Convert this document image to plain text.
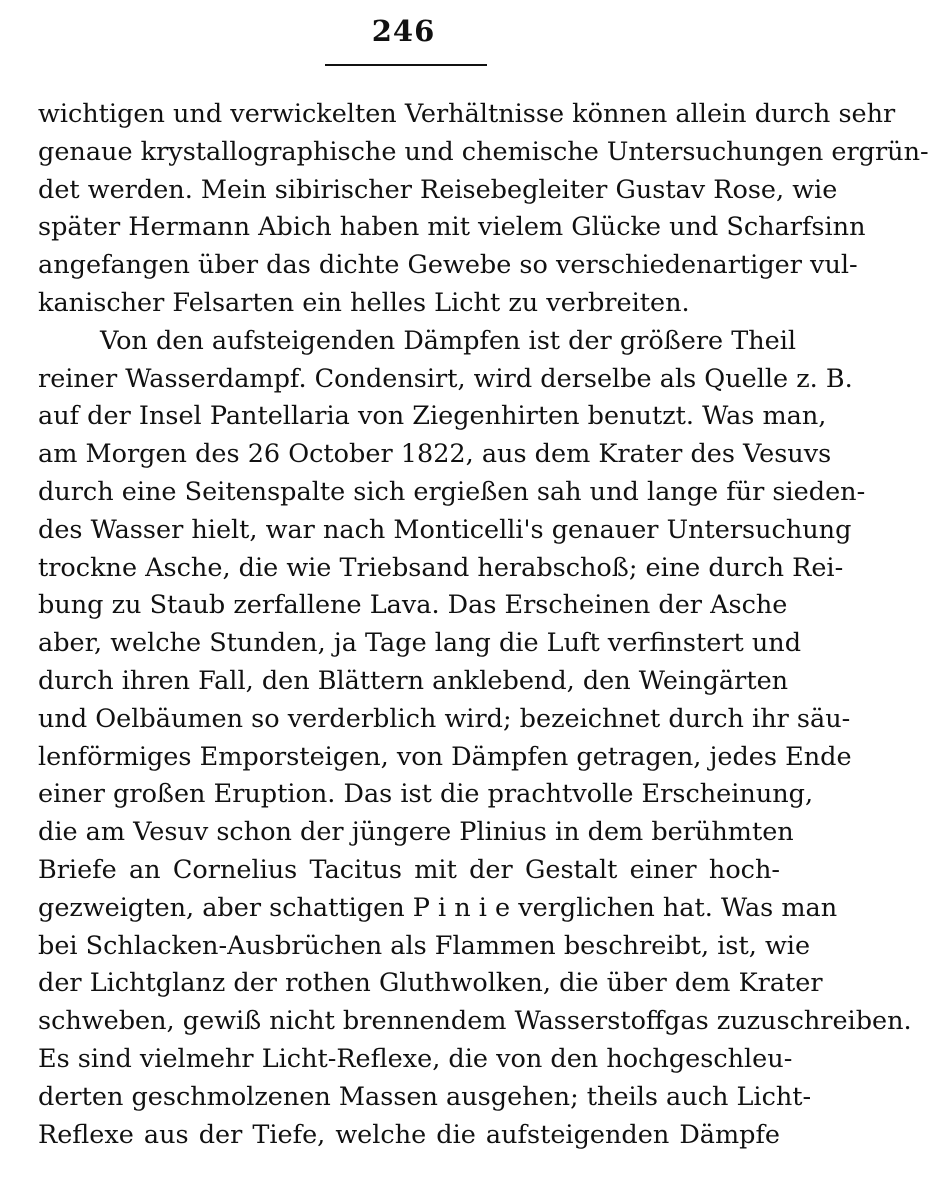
246
wichtigen und verwickelten Verhältnisse können allein durch sehr
genaue krystallographische und chemische Untersuchungen ergrün-
det werden. Mein sibirischer Reisebegleiter Gustav Rose, wie
später Hermann Abich haben mit vielem Glücke und Scharfsinn
angefangen über das dichte Gewebe so verschiedenartiger vul-
kanischer Felsarten ein helles Licht zu verbreiten.
Von den aufsteigenden Dämpfen ist der größere Theil
reiner Wasserdampf. Condensirt, wird derselbe als Quelle z. B.
auf der Insel Pantellaria von Ziegenhirten benutzt. Was man,
am Morgen des 26 October 1822, aus dem Krater des Vesuvs
durch eine Seitenspalte sich ergießen sah und lange für sieden-
des Wasser hielt, war nach Monticelli's genauer Untersuchung
trockne Asche, die wie Triebsand herabschoß; eine durch Rei-
bung zu Staub zerfallene Lava. Das Erscheinen der Asche
aber, welche Stunden, ja Tage lang die Luft verfinstert und
durch ihren Fall, den Blättern anklebend, den Weingärten
und Oelbäumen so verderblich wird; bezeichnet durch ihr säu-
lenförmiges Emporsteigen, von Dämpfen getragen, jedes Ende
einer großen Eruption. Das ist die prachtvolle Erscheinung,
die am Vesuv schon der jüngere Plinius in dem berühmten
Briefe an Cornelius Tacitus mit der Gestalt einer hoch-
gezweigten, aber schattigen P i n i e verglichen hat. Was man
bei Schlacken-Ausbrüchen als Flammen beschreibt, ist, wie
der Lichtglanz der rothen Gluthwolken, die über dem Krater
schweben, gewiß nicht brennendem Wasserstoffgas zuzuschreiben.
Es sind vielmehr Licht-Reflexe, die von den hochgeschleu-
derten geschmolzenen Massen ausgehen; theils auch Licht-
Reflexe aus der Tiefe, welche die aufsteigenden Dämpfe
